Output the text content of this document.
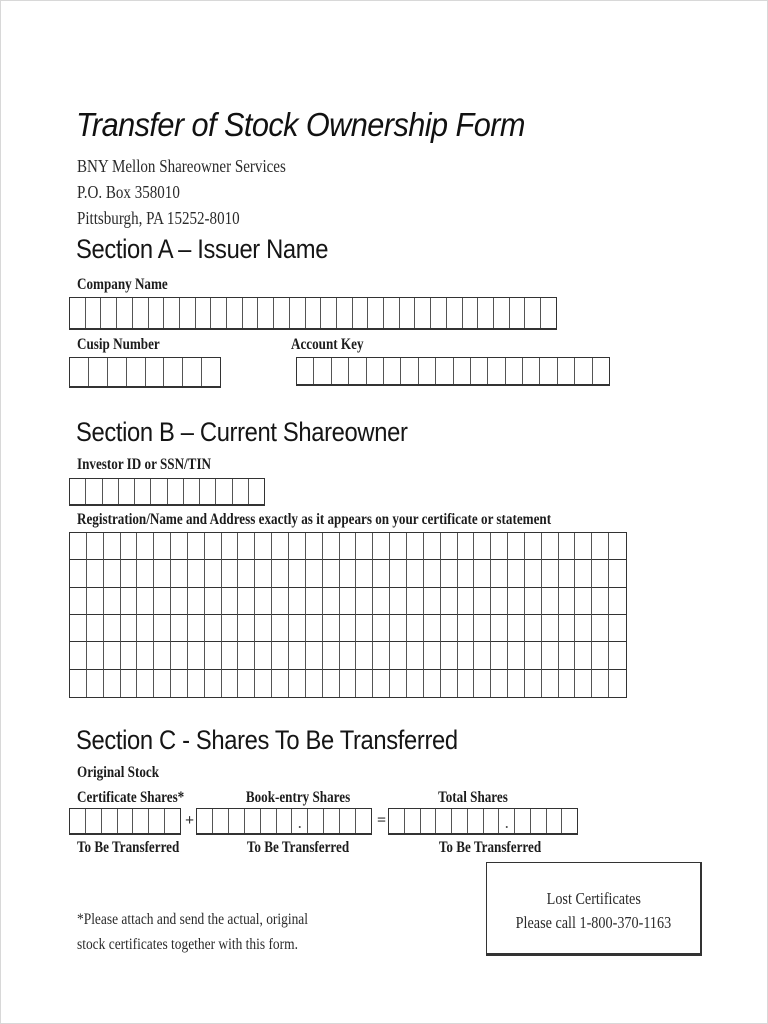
Transfer of Stock Ownership Form
BNY Mellon Shareowner Services
P.O. Box 358010
Pittsburgh, PA 15252-8010
Section A – Issuer Name
Company Name
Cusip Number	Account Key
Section B – Current Shareowner
Investor ID or SSN/TIN
Registration/Name and Address exactly as it appears on your certificate or statement
Section C - Shares To Be Transferred
Original Stock
Certificate Shares*
To Be Transferred
+
Book-entry Shares
To Be Transferred
=
Total Shares
To Be Transferred
*Please attach and send the actual, original
stock certificates together with this form.
Lost Certificates
Please call 1-800-370-1163
